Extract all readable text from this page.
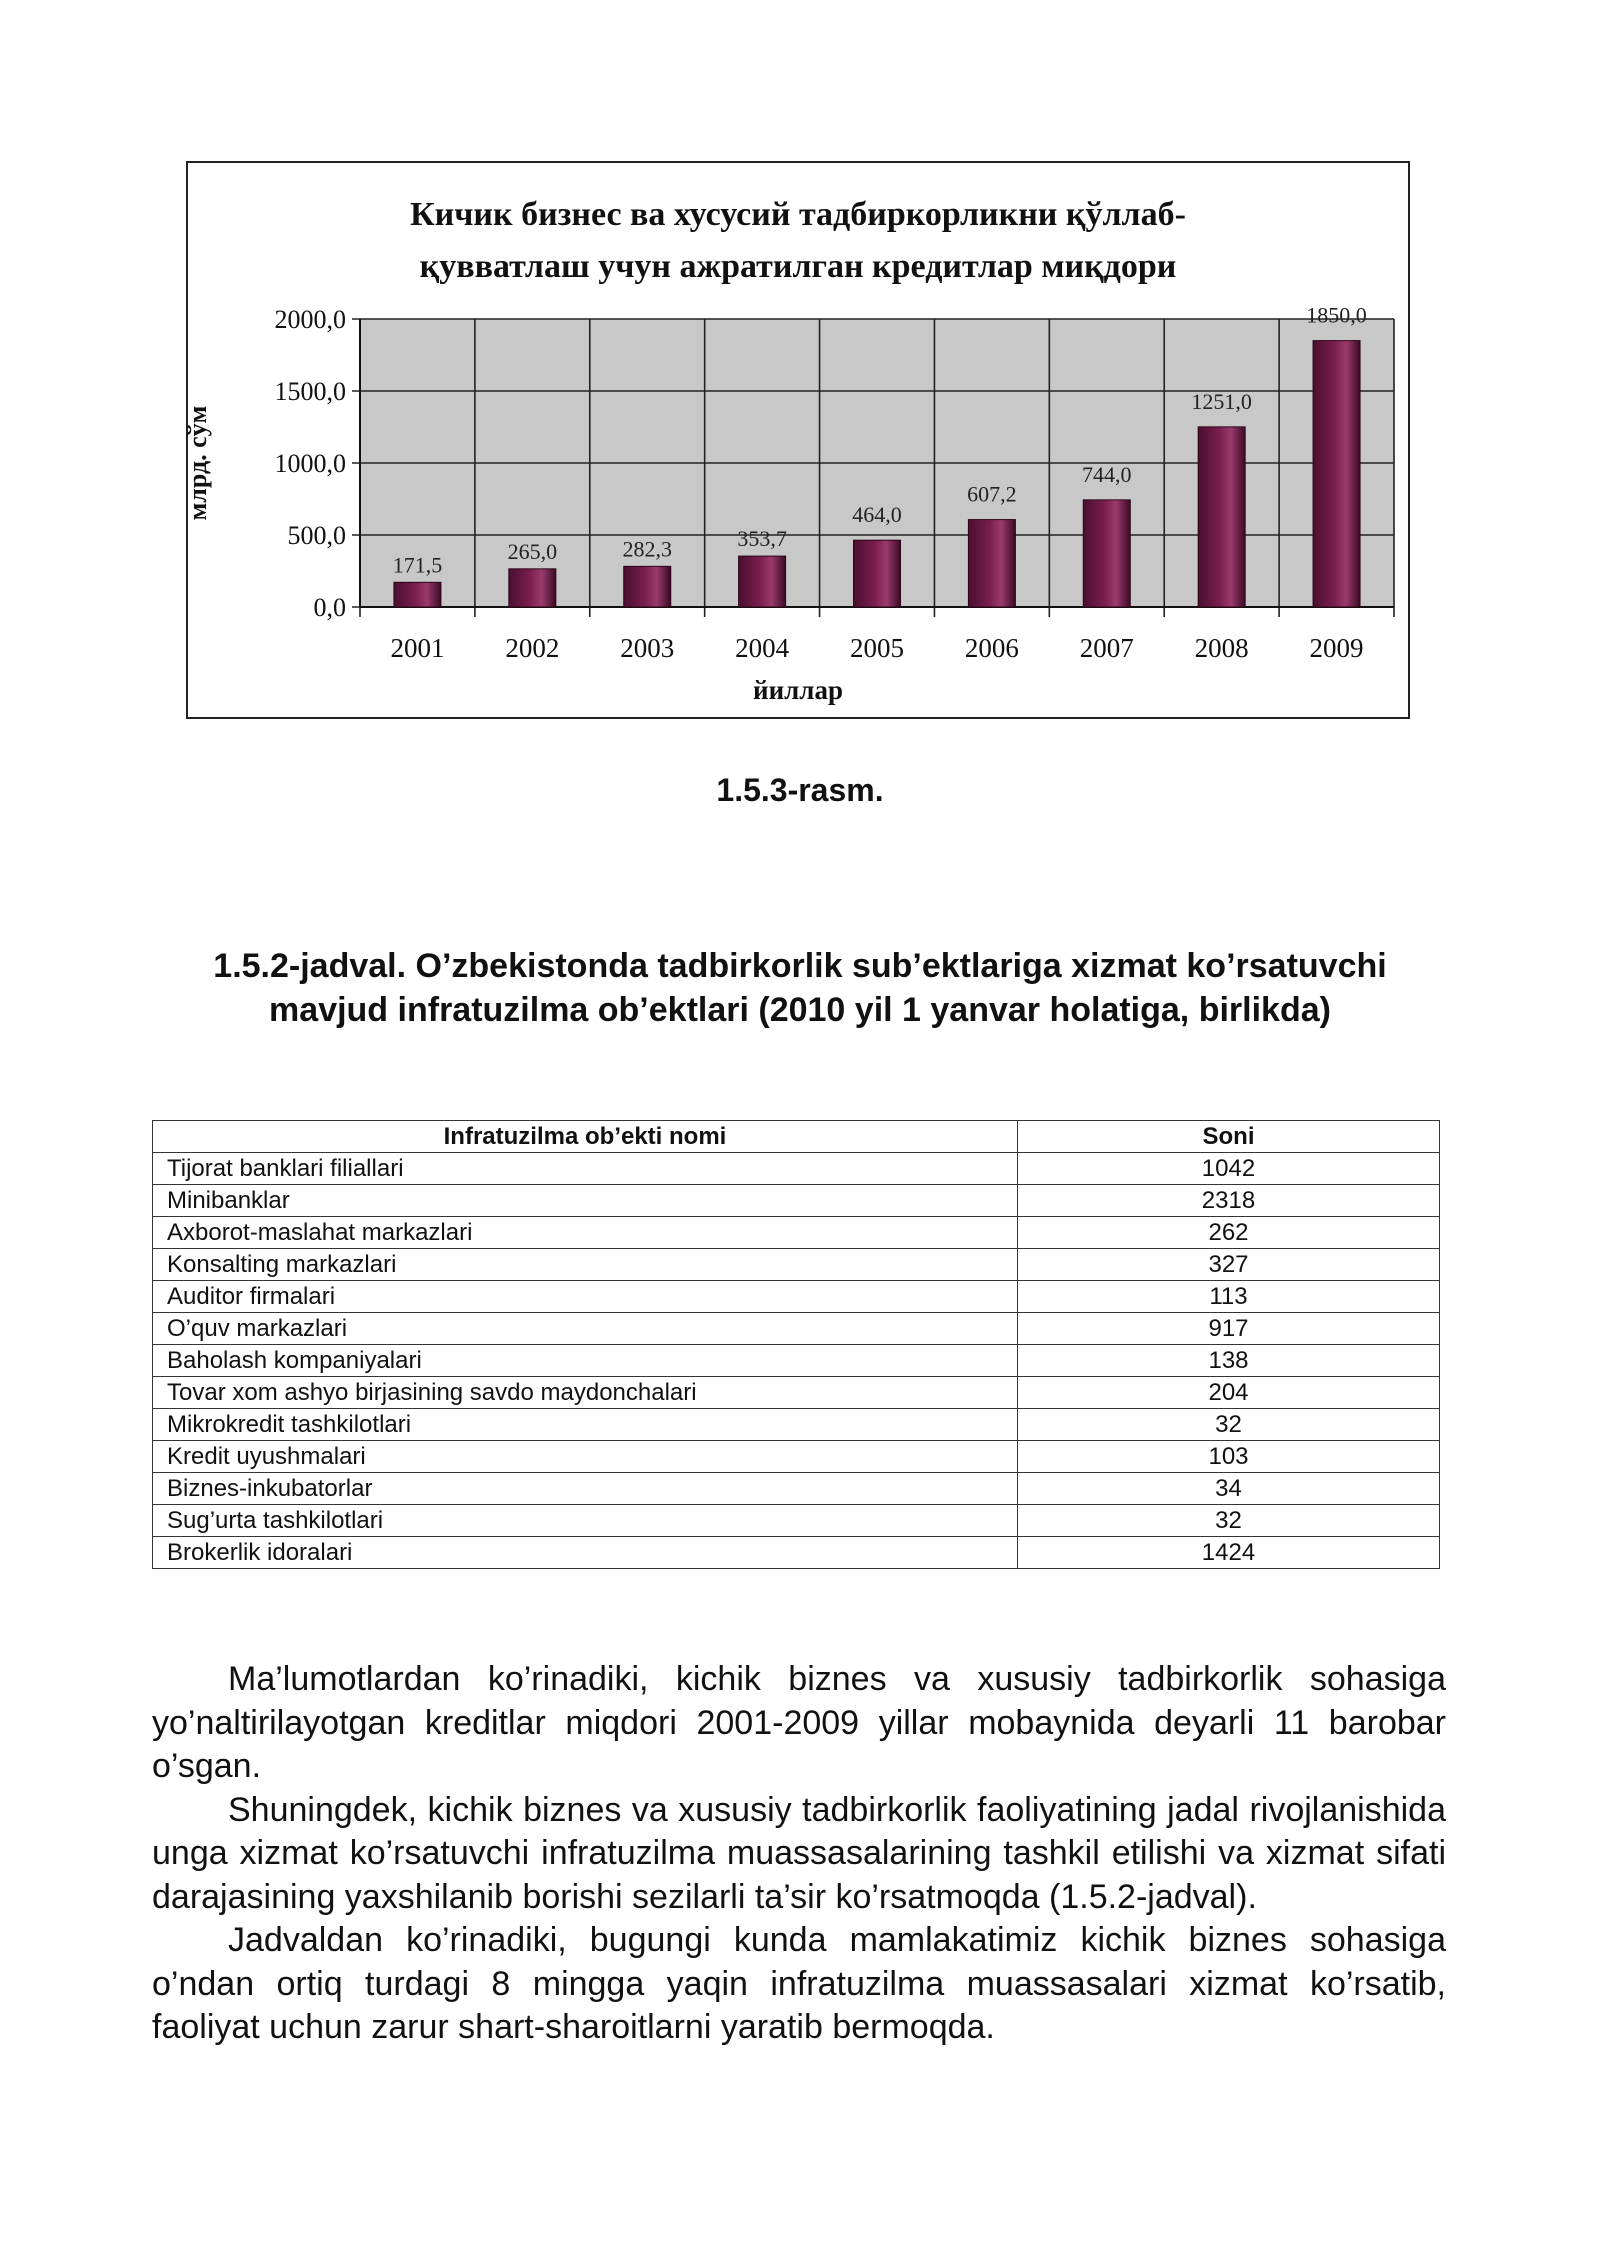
Кичик бизнес ва хусусий тадбиркорликни қўллаб-
қувватлаш учун ажратилган кредитлар миқдори
млрд. сўм
0,0
500,0
1000,0
1500,0
2000,0
171,5
2001
265,0
2002
282,3
2003
353,7
2004
464,0
2005
607,2
2006
744,0
2007
1251,0
2008
1850,0
2009
йиллар
1.5.3-rasm.
1.5.2-jadval. O’zbekistonda tadbirkorlik sub’ektlariga xizmat ko’rsatuvchi mavjud infratuzilma ob’ektlari (2010 yil 1 yanvar holatiga, birlikda)
Infratuzilma ob’ekti nomi	Soni
Tijorat banklari filiallari	1042
Minibanklar	2318
Axborot-maslahat markazlari	262
Konsalting markazlari	327
Auditor firmalari	113
O’quv markazlari	917
Baholash kompaniyalari	138
Tovar xom ashyo birjasining savdo maydonchalari	204
Mikrokredit tashkilotlari	32
Kredit uyushmalari	103
Biznes-inkubatorlar	34
Sug’urta tashkilotlari	32
Brokerlik idoralari	1424

Ma’lumotlardan ko’rinadiki, kichik biznes va xususiy tadbirkorlik sohasiga yo’naltirilayotgan kreditlar miqdori 2001-2009 yillar mobaynida deyarli 11 barobar o’sgan.

Shuningdek, kichik biznes va xususiy tadbirkorlik faoliyatining jadal rivojlanishida unga xizmat ko’rsatuvchi infratuzilma muassasalarining tashkil etilishi va xizmat sifati darajasining yaxshilanib borishi sezilarli ta’sir ko’rsatmoqda (1.5.2-jadval).

Jadvaldan ko’rinadiki, bugungi kunda mamlakatimiz kichik biznes sohasiga o’ndan ortiq turdagi 8 mingga yaqin infratuzilma muassasalari xizmat ko’rsatib, faoliyat uchun zarur shart-sharoitlarni yaratib bermoqda.
